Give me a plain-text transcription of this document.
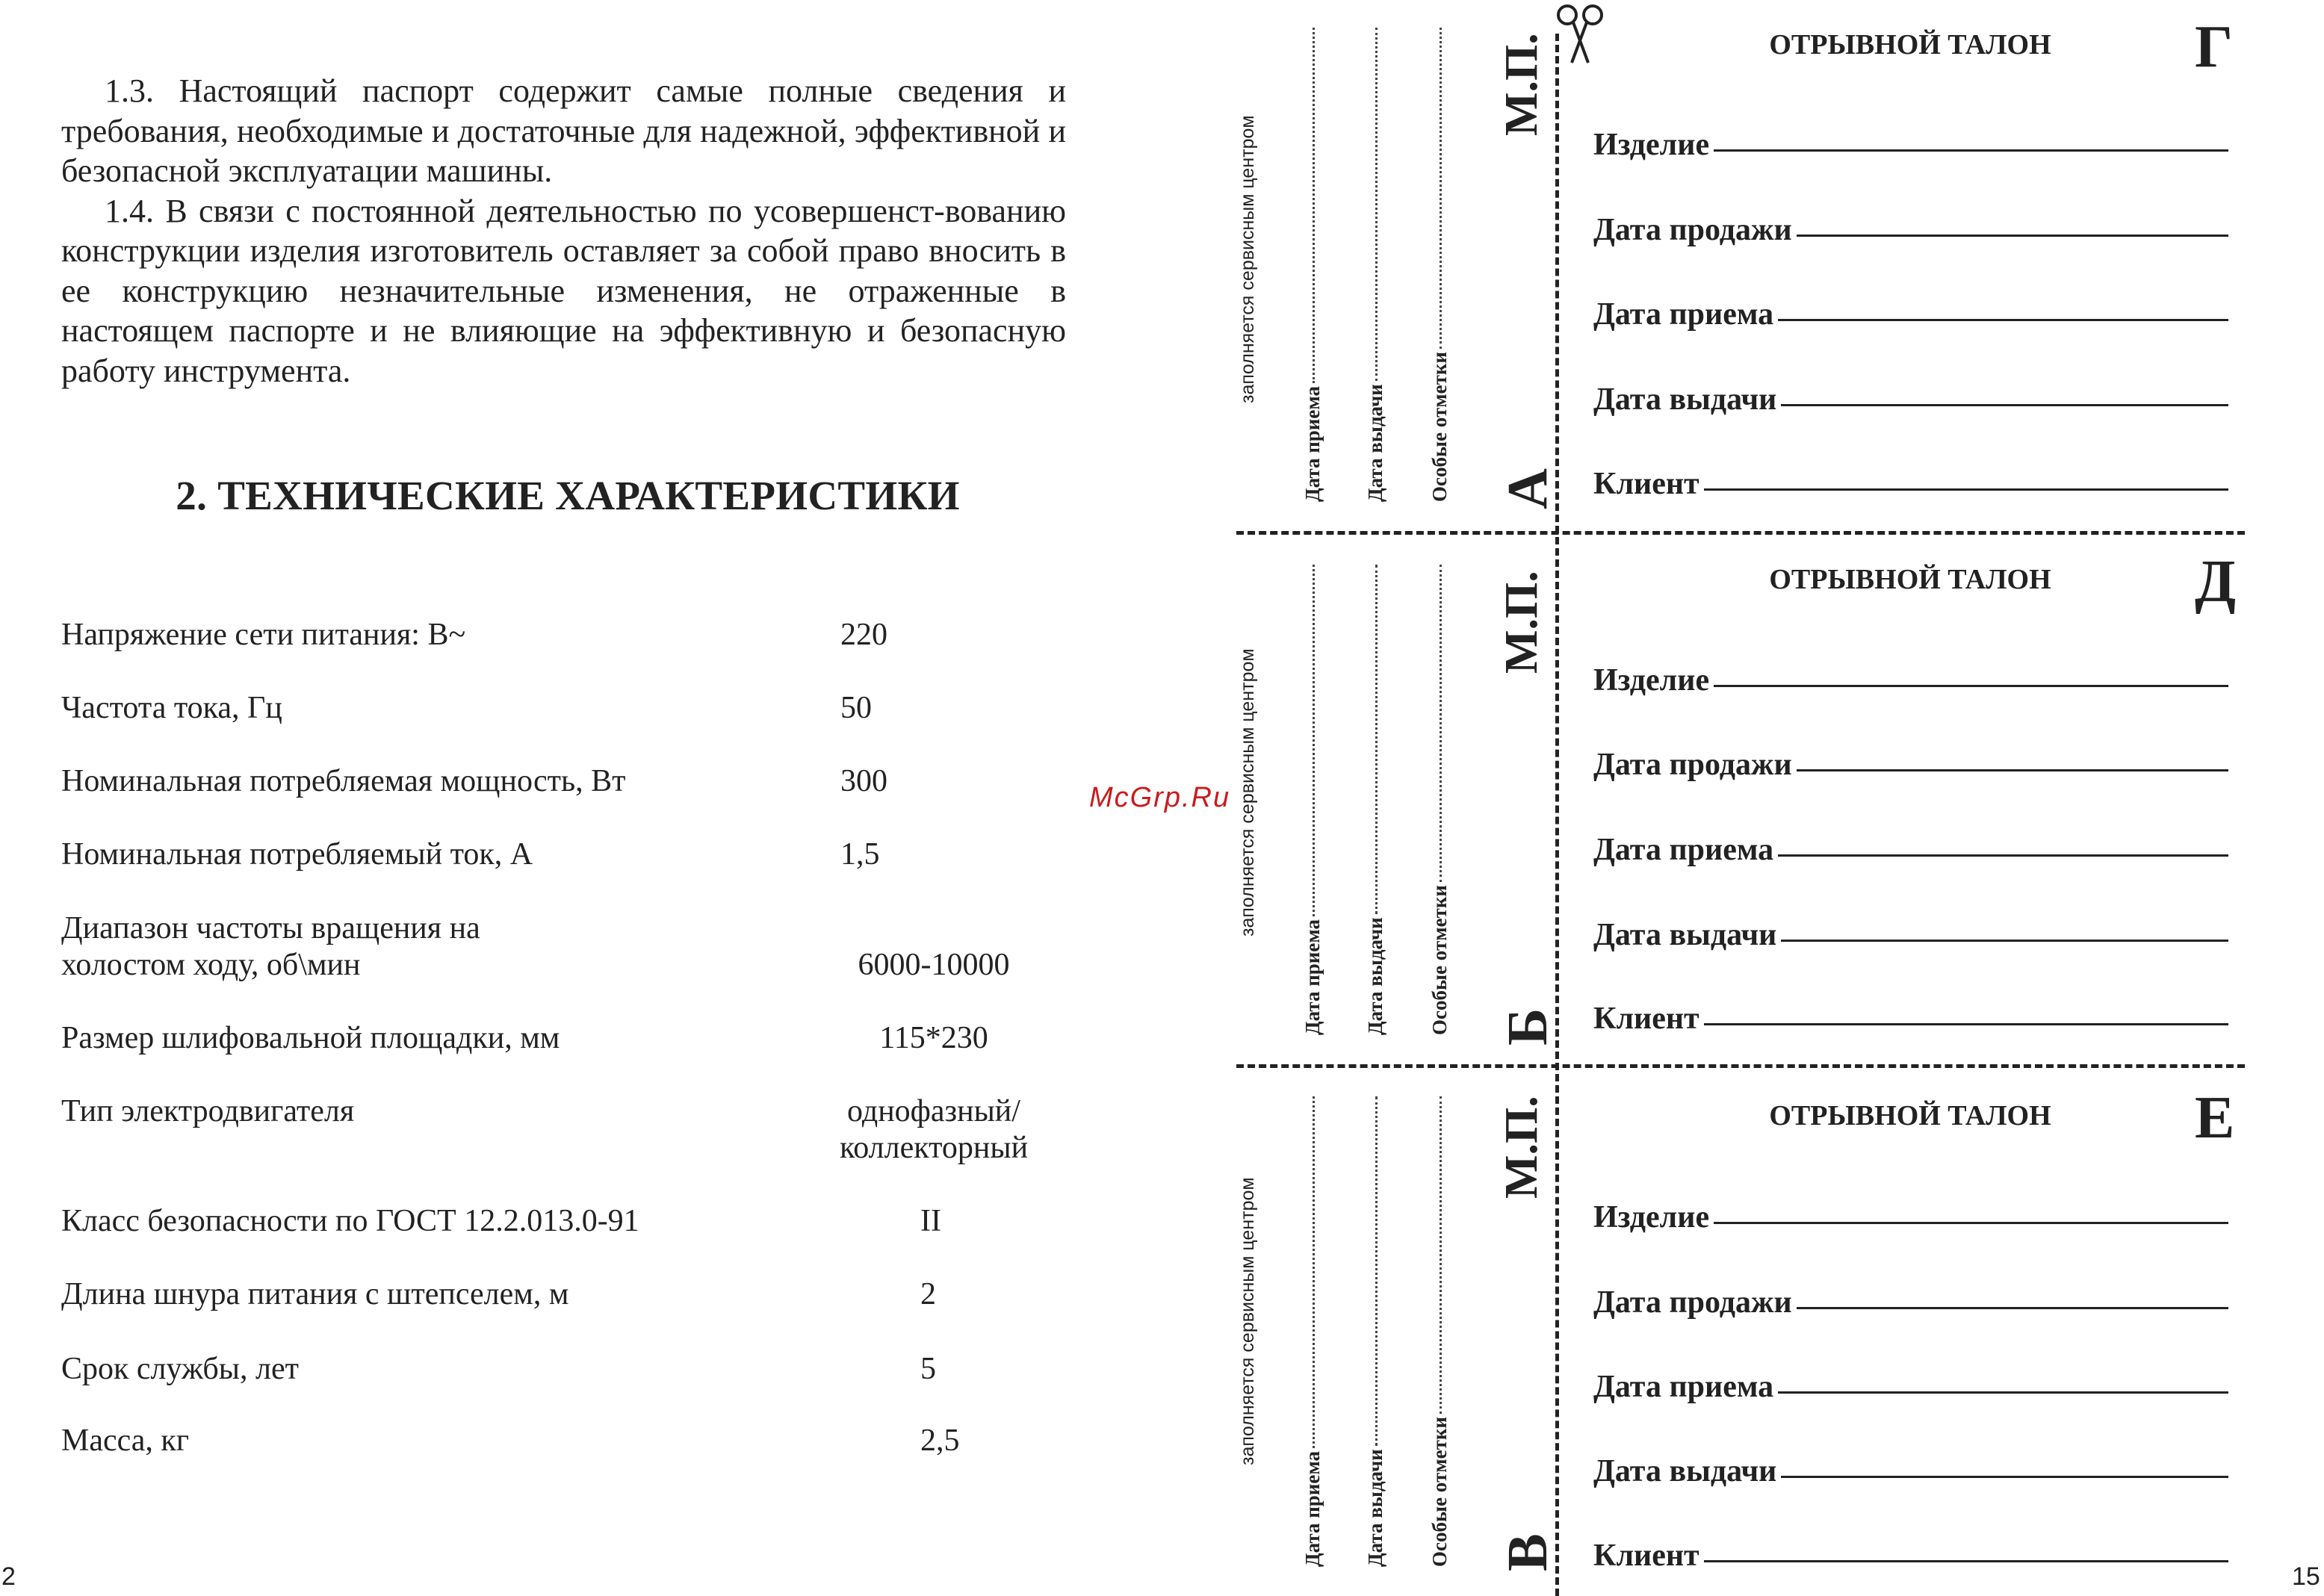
1.3. Настоящий паспорт содержит самые полные сведения и требования, необходимые и достаточные для надежной, эффективной и безопасной эксплуатации машины.

1.4. В связи с постоянной деятельностью по усовершенст-вованию конструкции изделия изготовитель оставляет за собой право вносить в ее конструкцию незначительные изменения, не отраженные в настоящем паспорте и не влияющие на эффективную и безопасную работу инструмента.

2. ТЕХНИЧЕСКИЕ ХАРАКТЕРИСТИКИ
Напряжение сети питания: В~	220
Частота тока, Гц	50
Номинальная потребляемая мощность, Вт	300
Номинальная потребляемый ток, А	1,5
Диапазон частоты вращения на
холостом ходу, об\мин	6000-10000
Размер шлифовальной площадки, мм	115*230
Тип электродвигателя	однофазный/
коллекторный
Класс безопасности по ГОСТ 12.2.013.0-91	II
Длина шнура питания с штепселем, м	2
Срок службы, лет	5
Масса, кг	2,5
2
McGrp.Ru
заполняется сервисным центром
Дата приема Дата выдачи Особые отметки
М.П.
А
заполняется сервисным центром
Дата приема Дата выдачи Особые отметки
М.П.
Б
заполняется сервисным центром
Дата приема Дата выдачи Особые отметки
М.П.
В
ОТРЫВНОЙ ТАЛОН	Г
Изделие
Дата продажи
Дата приема
Дата выдачи
Клиент
ОТРЫВНОЙ ТАЛОН	Д
Изделие
Дата продажи
Дата приема
Дата выдачи
Клиент
ОТРЫВНОЙ ТАЛОН	Е
Изделие
Дата продажи
Дата приема
Дата выдачи
Клиент
15
